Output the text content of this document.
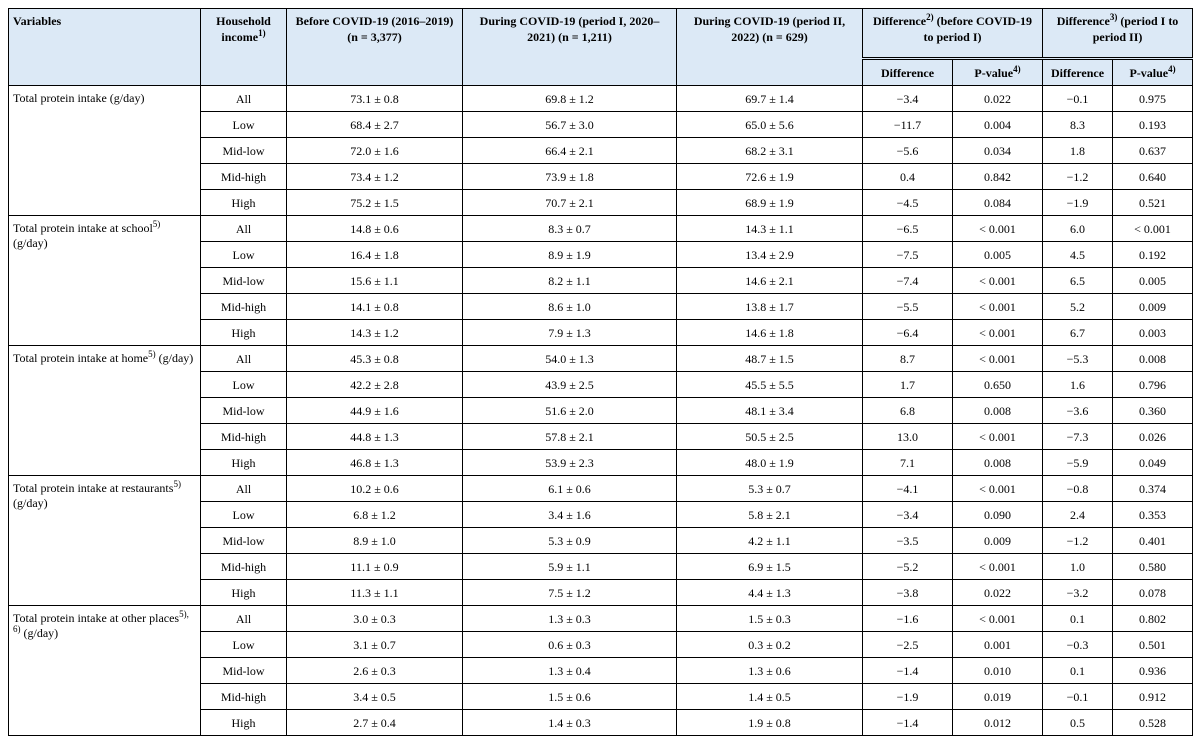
Variables	Household income$^{1)}$	Before COVID-19 (2016–2019) (n = 3,377)	During COVID-19 (period I, 2020–2021) (n = 1,211)	During COVID-19 (period II, 2022) (n = 629)	Difference$^{2)}$ (before COVID-19 to period I)		Difference$^{3)}$ (period I to period II)	
					Difference	P-value$^{4)}$	Difference	P-value$^{4)}$
Total protein intake (g/day)	All	73.1 ± 0.8	69.8 ± 1.2	69.7 ± 1.4	−3.4	0.022	−0.1	0.975
	Low	68.4 ± 2.7	56.7 ± 3.0	65.0 ± 5.6	−11.7	0.004	8.3	0.193
	Mid-low	72.0 ± 1.6	66.4 ± 2.1	68.2 ± 3.1	−5.6	0.034	1.8	0.637
	Mid-high	73.4 ± 1.2	73.9 ± 1.8	72.6 ± 1.9	0.4	0.842	−1.2	0.640
	High	75.2 ± 1.5	70.7 ± 2.1	68.9 ± 1.9	−4.5	0.084	−1.9	0.521
Total protein intake at school$^{5)}$ (g/day)	All	14.8 ± 0.6	8.3 ± 0.7	14.3 ± 1.1	−6.5	< 0.001	6.0	< 0.001
	Low	16.4 ± 1.8	8.9 ± 1.9	13.4 ± 2.9	−7.5	0.005	4.5	0.192
	Mid-low	15.6 ± 1.1	8.2 ± 1.1	14.6 ± 2.1	−7.4	< 0.001	6.5	0.005
	Mid-high	14.1 ± 0.8	8.6 ± 1.0	13.8 ± 1.7	−5.5	< 0.001	5.2	0.009
	High	14.3 ± 1.2	7.9 ± 1.3	14.6 ± 1.8	−6.4	< 0.001	6.7	0.003
Total protein intake at home$^{5)}$ (g/day)	All	45.3 ± 0.8	54.0 ± 1.3	48.7 ± 1.5	8.7	< 0.001	−5.3	0.008
	Low	42.2 ± 2.8	43.9 ± 2.5	45.5 ± 5.5	1.7	0.650	1.6	0.796
	Mid-low	44.9 ± 1.6	51.6 ± 2.0	48.1 ± 3.4	6.8	0.008	−3.6	0.360
	Mid-high	44.8 ± 1.3	57.8 ± 2.1	50.5 ± 2.5	13.0	< 0.001	−7.3	0.026
	High	46.8 ± 1.3	53.9 ± 2.3	48.0 ± 1.9	7.1	0.008	−5.9	0.049
Total protein intake at restaurants$^{5)}$ (g/day)	All	10.2 ± 0.6	6.1 ± 0.6	5.3 ± 0.7	−4.1	< 0.001	−0.8	0.374
	Low	6.8 ± 1.2	3.4 ± 1.6	5.8 ± 2.1	−3.4	0.090	2.4	0.353
	Mid-low	8.9 ± 1.0	5.3 ± 0.9	4.2 ± 1.1	−3.5	0.009	−1.2	0.401
	Mid-high	11.1 ± 0.9	5.9 ± 1.1	6.9 ± 1.5	−5.2	< 0.001	1.0	0.580
	High	11.3 ± 1.1	7.5 ± 1.2	4.4 ± 1.3	−3.8	0.022	−3.2	0.078
Total protein intake at other places$^{5), 6)}$ (g/day)	All	3.0 ± 0.3	1.3 ± 0.3	1.5 ± 0.3	−1.6	< 0.001	0.1	0.802
	Low	3.1 ± 0.7	0.6 ± 0.3	0.3 ± 0.2	−2.5	0.001	−0.3	0.501
	Mid-low	2.6 ± 0.3	1.3 ± 0.4	1.3 ± 0.6	−1.4	0.010	0.1	0.936
	Mid-high	3.4 ± 0.5	1.5 ± 0.6	1.4 ± 0.5	−1.9	0.019	−0.1	0.912
	High	2.7 ± 0.4	1.4 ± 0.3	1.9 ± 0.8	−1.4	0.012	0.5	0.528
